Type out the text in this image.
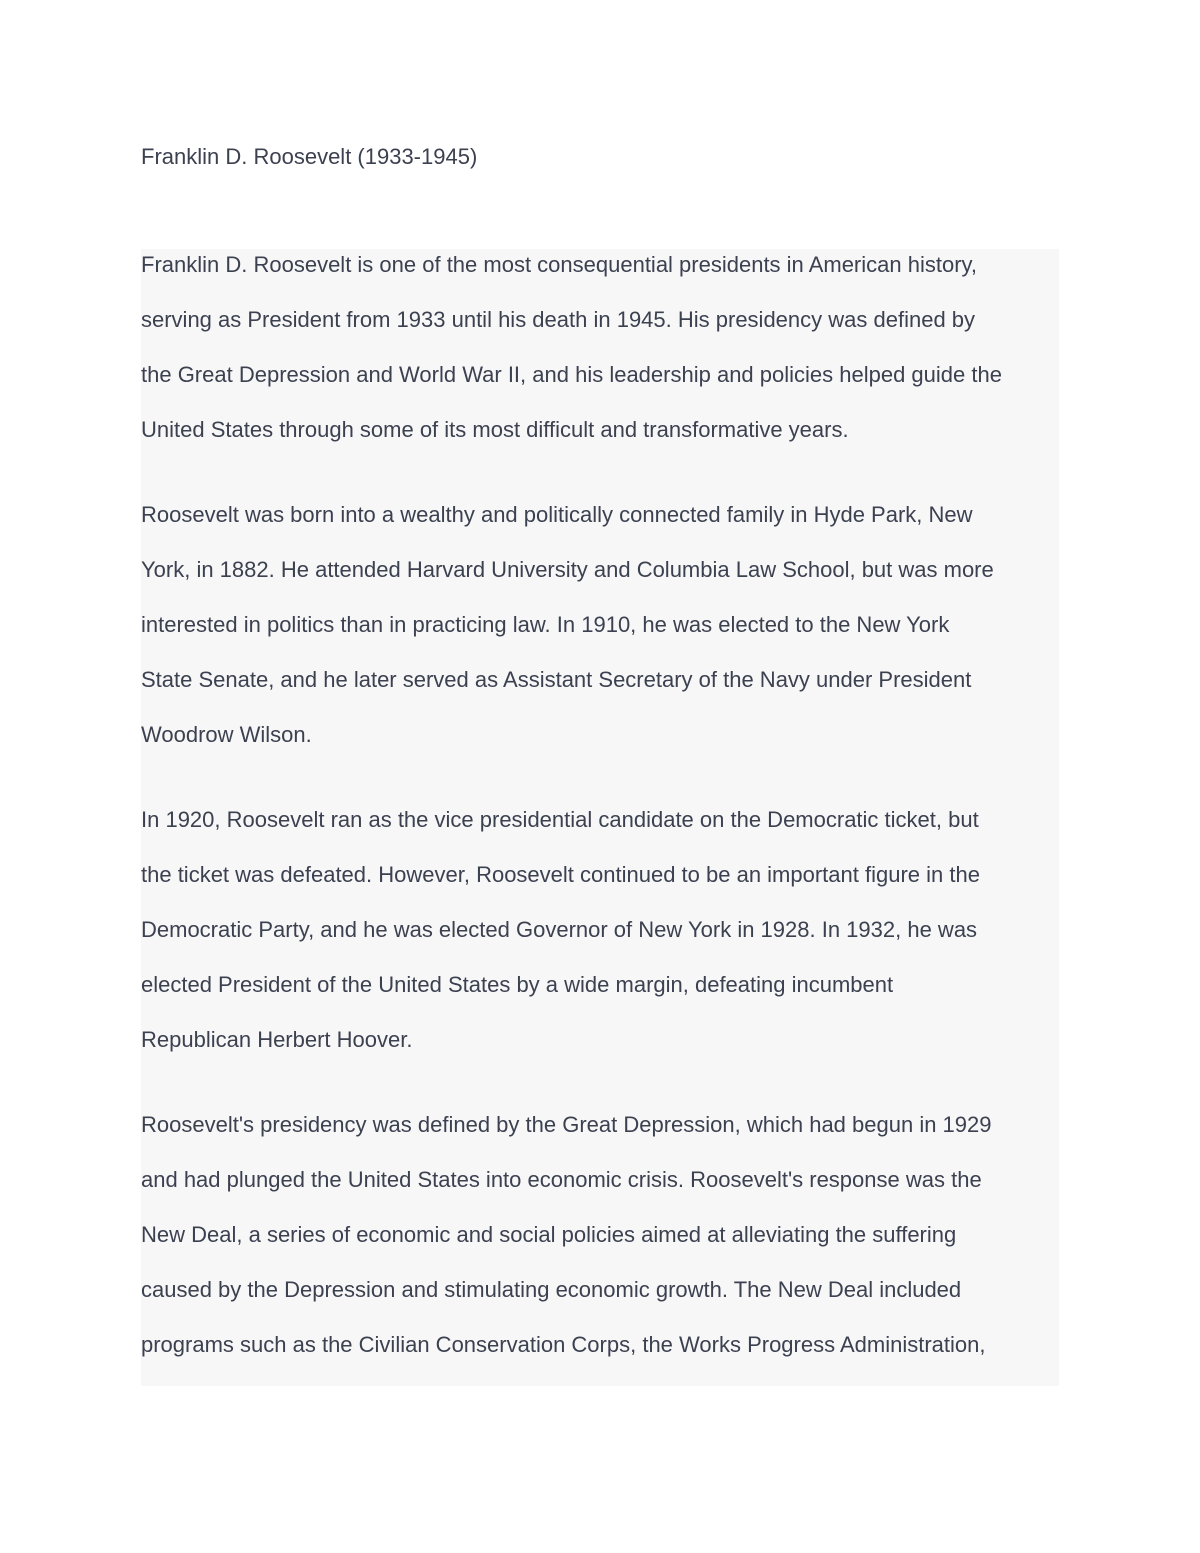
Franklin D. Roosevelt (1933-1945)

Franklin D. Roosevelt is one of the most consequential presidents in American history,
serving as President from 1933 until his death in 1945. His presidency was defined by
the Great Depression and World War II, and his leadership and policies helped guide the
United States through some of its most difficult and transformative years.

Roosevelt was born into a wealthy and politically connected family in Hyde Park, New
York, in 1882. He attended Harvard University and Columbia Law School, but was more
interested in politics than in practicing law. In 1910, he was elected to the New York
State Senate, and he later served as Assistant Secretary of the Navy under President
Woodrow Wilson.

In 1920, Roosevelt ran as the vice presidential candidate on the Democratic ticket, but
the ticket was defeated. However, Roosevelt continued to be an important figure in the
Democratic Party, and he was elected Governor of New York in 1928. In 1932, he was
elected President of the United States by a wide margin, defeating incumbent
Republican Herbert Hoover.

Roosevelt's presidency was defined by the Great Depression, which had begun in 1929
and had plunged the United States into economic crisis. Roosevelt's response was the
New Deal, a series of economic and social policies aimed at alleviating the suffering
caused by the Depression and stimulating economic growth. The New Deal included
programs such as the Civilian Conservation Corps, the Works Progress Administration,
